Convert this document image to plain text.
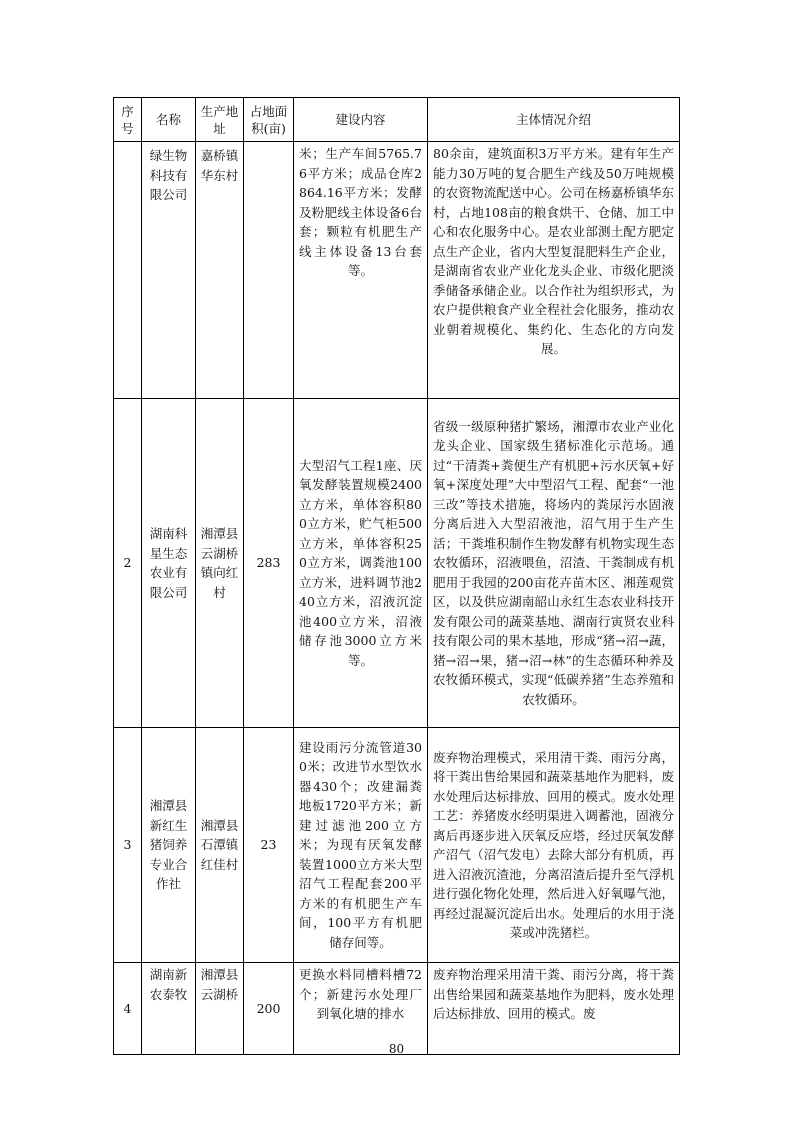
序号	名称	生产地址	占地面积(亩)	建设内容	主体情况介绍
	绿生物科技有限公司	嘉桥镇华东村		米；生产车间5765.76平方米；成品仓库2864.16平方米；发酵及粉肥线主体设备6台套；颗粒有机肥生产线主体设备13台套等。	80余亩，建筑面积3万平方米。建有年生产能力30万吨的复合肥生产线及50万吨规模的农资物流配送中心。公司在杨嘉桥镇华东村，占地108亩的粮食烘干、仓储、加工中心和农化服务中心。是农业部测土配方肥定点生产企业，省内大型复混肥料生产企业，是湖南省农业产业化龙头企业、市级化肥淡季储备承储企业。以合作社为组织形式，为农户提供粮食产业全程社会化服务，推动农业朝着规模化、集约化、生态化的方向发展。
2	湖南科星生态农业有限公司	湘潭县云湖桥镇向红村	283	大型沼气工程1座、厌氧发酵装置规模2400立方米，单体容积800立方米，贮气柜500立方米，单体容积250立方米，调粪池100立方米，进料调节池240立方米，沼液沉淀池400立方米，沼液储存池3000立方米等。	省级一级原种猪扩繁场，湘潭市农业产业化龙头企业、国家级生猪标准化示范场。通过“干清粪+粪便生产有机肥+污水厌氧+好氧+深度处理”大中型沼气工程、配套“一池三改”等技术措施，将场内的粪尿污水固液分离后进入大型沼液池，沼气用于生产生活；干粪堆积制作生物发酵有机物实现生态农牧循环，沼液喂鱼，沼渣、干粪制成有机肥用于我园的200亩花卉苗木区、湘莲观赏区，以及供应湖南韶山永红生态农业科技开发有限公司的蔬菜基地、湖南行寅贤农业科技有限公司的果木基地，形成“猪→沼→蔬，猪→沼→果，猪→沼→林”的生态循环种养及农牧循环模式，实现“低碳养猪”生态养殖和农牧循环。
3	湘潭县新红生猪饲养专业合作社	湘潭县石潭镇红佳村	23	建设雨污分流管道300米；改进节水型饮水器430个；改建漏粪地板1720平方米；新建过滤池200立方米；为现有厌氧发酵装置1000立方米大型沼气工程配套200平方米的有机肥生产车间，100平方有机肥储存间等。	废弃物治理模式，采用清干粪、雨污分离，将干粪出售给果园和蔬菜基地作为肥料，废水处理后达标排放、回用的模式。废水处理工艺：养猪废水经明渠进入调蓄池，固液分离后再逐步进入厌氧反应塔，经过厌氧发酵产沼气（沼气发电）去除大部分有机质，再进入沼液沉渣池，分离沼渣后提升至气浮机进行强化物化处理，然后进入好氧曝气池，再经过混凝沉淀后出水。处理后的水用于浇菜或冲洗猪栏。
4	湖南新农泰牧	湘潭县云湖桥	200	更换水料同槽料槽72个；新建污水处理厂到氧化塘的排水	废弃物治理采用清干粪、雨污分离，将干粪出售给果园和蔬菜基地作为肥料，废水处理后达标排放、回用的模式。废
80
